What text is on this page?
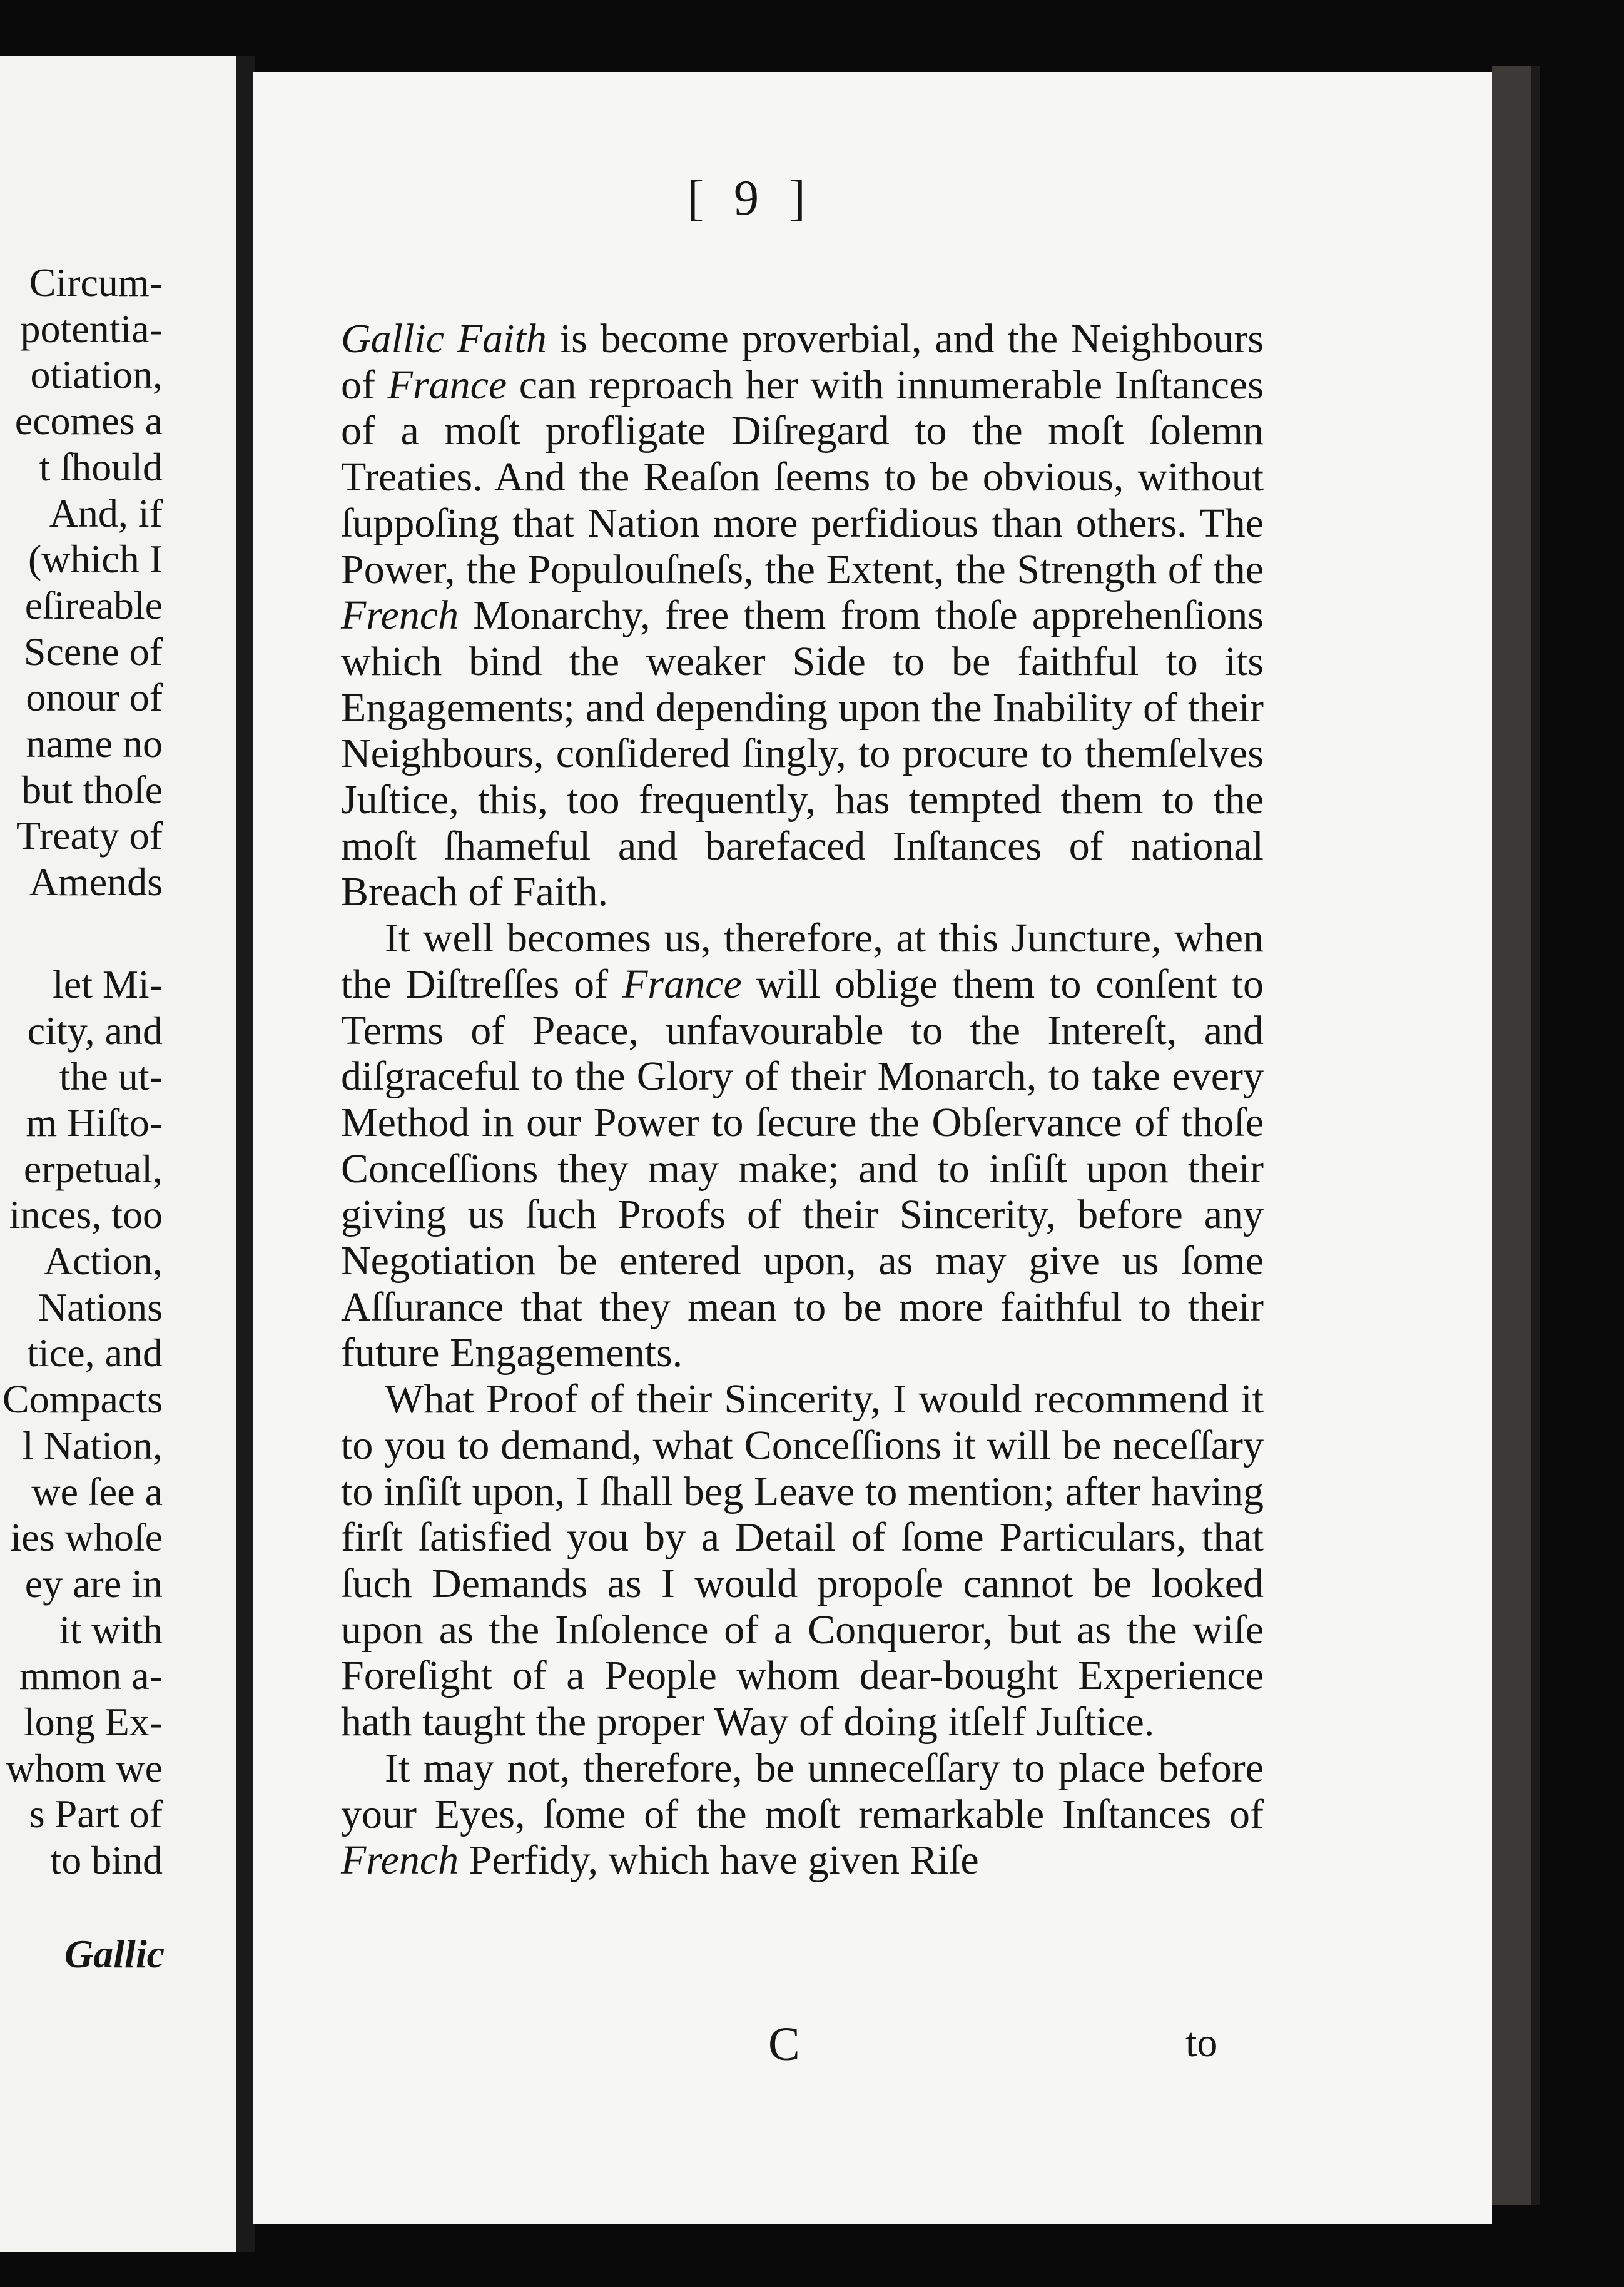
Circum-
potentia-
otiation,
ecomes a
t ſhould
And, if
(which I
eſireable
Scene of
onour of
name no
but thoſe
Treaty of
Amends
let Mi-
city, and
the ut-
m Hiſto-
erpetual,
inces, too
Action,
Nations
tice, and
Compacts
l Nation,
we ſee a
ies whoſe
ey are in
it with
mmon a-
long Ex-
whom we
s Part of
to bind
Gallic
[ 9 ]

Gallic Faith is become proverbial, and the Neighbours of France can reproach her with innumerable Inſtances of a moſt profligate Diſregard to the moſt ſolemn Treaties. And the Reaſon ſeems to be obvious, without ſuppoſing that Nation more perfidious than others. The Power, the Populouſneſs, the Extent, the Strength of the French Monarchy, free them from thoſe apprehenſions which bind the weaker Side to be faithful to its Engagements; and depending upon the Inability of their Neighbours, conſidered ſingly, to procure to themſelves Juſtice, this, too frequently, has tempted them to the moſt ſhameful and barefaced Inſtances of national Breach of Faith.

It well becomes us, therefore, at this Juncture, when the Diſtreſſes of France will oblige them to conſent to Terms of Peace, unfavourable to the Intereſt, and diſgraceful to the Glory of their Monarch, to take every Method in our Power to ſecure the Obſervance of thoſe Conceſſions they may make; and to inſiſt upon their giving us ſuch Proofs of their Sincerity, before any Negotiation be entered upon, as may give us ſome Aſſurance that they mean to be more faithful to their future Engagements.

What Proof of their Sincerity, I would recommend it to you to demand, what Conceſſions it will be neceſſary to inſiſt upon, I ſhall beg Leave to mention; after having firſt ſatisfied you by a Detail of ſome Particulars, that ſuch Demands as I would propoſe cannot be looked upon as the Inſolence of a Conqueror, but as the wiſe Foreſight of a People whom dear-bought Experience hath taught the proper Way of doing itſelf Juſtice.

It may not, therefore, be unneceſſary to place before your Eyes, ſome of the moſt remarkable Inſtances of French Perfidy, which have given Riſe

C	to
